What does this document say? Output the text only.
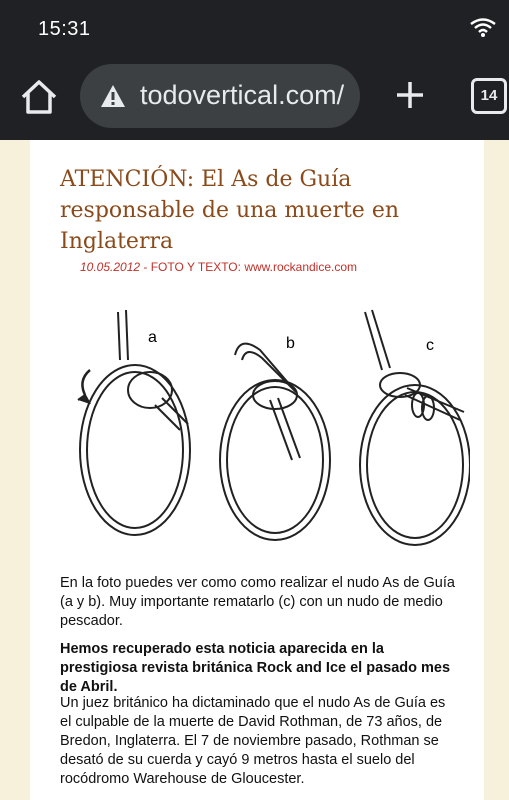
15:31
todovertical.com/	14
ATENCIÓN: El As de Guía responsable de una muerte en Inglaterra
10.05.2012 - FOTO Y TEXTO: www.rockandice.com
a	b	c
En la foto puedes ver como como realizar el nudo As de Guía (a y b). Muy importante rematarlo (c) con un nudo de medio pescador.
Hemos recuperado esta noticia aparecida en la prestigiosa revista británica Rock and Ice el pasado mes de Abril.
Un juez británico ha dictaminado que el nudo As de Guía es el culpable de la muerte de David Rothman, de 73 años, de Bredon, Inglaterra. El 7 de noviembre pasado, Rothman se desató de su cuerda y cayó 9 metros hasta el suelo del rocódromo Warehouse de Gloucester.
